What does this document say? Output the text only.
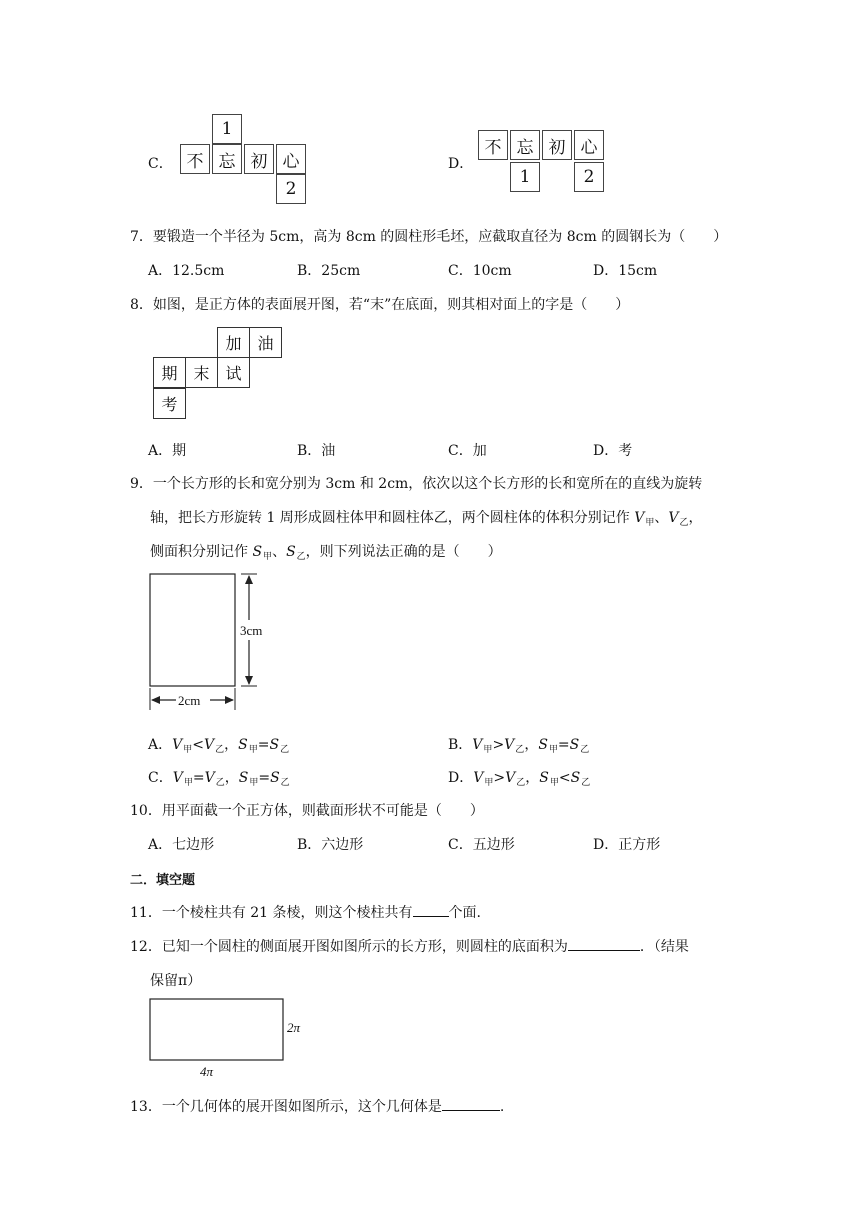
C．
1
不 忘 初 心
2
D．
不 忘 初 心
1	2
7．要锻造一个半径为 5cm，高为 8cm 的圆柱形毛坯，应截取直径为 8cm 的圆钢长为（　　）
A．12.5cm	B．25cm	C．10cm	D．15cm
8．如图，是正方体的表面展开图，若“末”在底面，则其相对面上的字是（　　）
加 油
期 末 试
考
A．期	B．油	C．加	D．考
9．一个长方形的长和宽分别为 3cm 和 2cm，依次以这个长方形的长和宽所在的直线为旋转
轴，把长方形旋转 1 周形成圆柱体甲和圆柱体乙，两个圆柱体的体积分别记作 $V_甲$、$V_乙$，
侧面积分别记作 $S_甲$、$S_乙$，则下列说法正确的是（　　）
3cm
2cm
A．$V_甲<V_乙$，$S_甲=S_乙$	B．$V_甲>V_乙$，$S_甲=S_乙$
C．$V_甲=V_乙$，$S_甲=S_乙$	D．$V_甲>V_乙$，$S_甲<S_乙$
10．用平面截一个正方体，则截面形状不可能是（　　）
A．七边形	B．六边形	C．五边形	D．正方形
二．填空题
11．一个棱柱共有 21 条棱，则这个棱柱共有	个面.
12．已知一个圆柱的侧面展开图如图所示的长方形，则圆柱的底面积为	．（结果
保留π）
2π
4π
13．一个几何体的展开图如图所示，这个几何体是	.
